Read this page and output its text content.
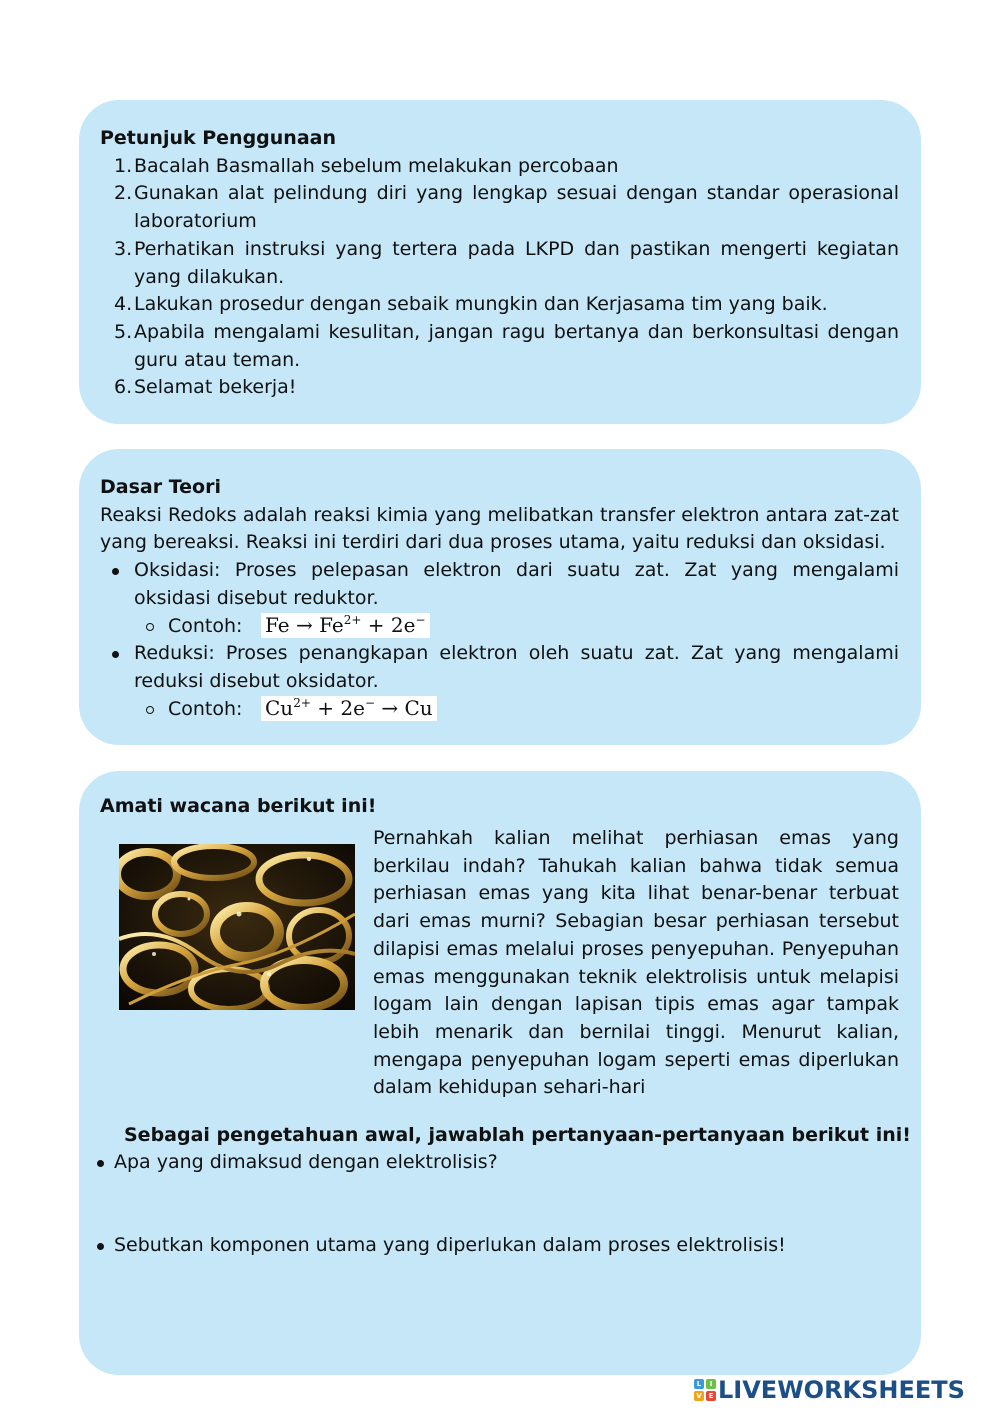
Petunjuk Penggunaan
1. Bacalah Basmallah sebelum melakukan percobaan
2. Gunakan alat pelindung diri yang lengkap sesuai dengan standar operasional laboratorium
3. Perhatikan instruksi yang tertera pada LKPD dan pastikan mengerti kegiatan yang dilakukan.
4. Lakukan prosedur dengan sebaik mungkin dan Kerjasama tim yang baik.
5. Apabila mengalami kesulitan, jangan ragu bertanya dan berkonsultasi dengan guru atau teman.
6. Selamat bekerja!
Dasar Teori
Reaksi Redoks adalah reaksi kimia yang melibatkan transfer elektron antara zat-zat yang bereaksi. Reaksi ini terdiri dari dua proses utama, yaitu reduksi dan oksidasi.
Oksidasi: Proses pelepasan elektron dari suatu zat. Zat yang mengalami oksidasi disebut reduktor.
Contoh: $Fe \to Fe^{2+} + 2e^-$
Reduksi: Proses penangkapan elektron oleh suatu zat. Zat yang mengalami reduksi disebut oksidator.
Contoh: $Cu^{2+} + 2e^- \to Cu$
Amati wacana berikut ini!
Pernahkah kalian melihat perhiasan emas yang berkilau indah? Tahukah kalian bahwa tidak semua perhiasan emas yang kita lihat benar-benar terbuat dari emas murni? Sebagian besar perhiasan tersebut dilapisi emas melalui proses penyepuhan. Penyepuhan emas menggunakan teknik elektrolisis untuk melapisi logam lain dengan lapisan tipis emas agar tampak lebih menarik dan bernilai tinggi. Menurut kalian, mengapa penyepuhan logam seperti emas diperlukan dalam kehidupan sehari-hari
Sebagai pengetahuan awal, jawablah pertanyaan-pertanyaan berikut ini!
Apa yang dimaksud dengan elektrolisis?
Sebutkan komponen utama yang diperlukan dalam proses elektrolisis!
L	I
V E LIVEWORKSHEETS
